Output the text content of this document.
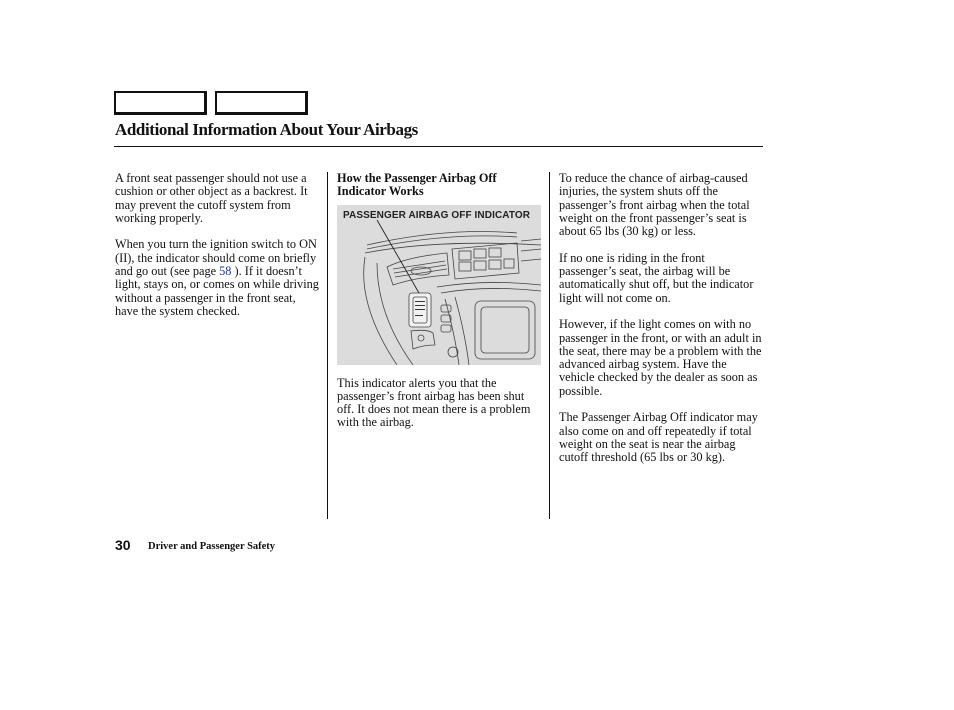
Additional Information About Your Airbags

A front seat passenger should not use a cushion or other object as a backrest. It may prevent the cutoff system from working properly.

When you turn the ignition switch to ON (II), the indicator should come on briefly and go out (see page 58 ). If it doesn’t light, stays on, or comes on while driving without a passenger in the front seat, have the system checked.

How the Passenger Airbag Off Indicator Works

PASSENGER AIRBAG OFF INDICATOR

This indicator alerts you that the passenger’s front airbag has been shut off. It does not mean there is a problem with the airbag.

To reduce the chance of airbag-caused injuries, the system shuts off the passenger’s front airbag when the total weight on the front passenger’s seat is about 65 lbs (30 kg) or less.

If no one is riding in the front passenger’s seat, the airbag will be automatically shut off, but the indicator light will not come on.

However, if the light comes on with no passenger in the front, or with an adult in the seat, there may be a problem with the advanced airbag system. Have the vehicle checked by the dealer as soon as possible.

The Passenger Airbag Off indicator may also come on and off repeatedly if total weight on the seat is near the airbag cutoff threshold (65 lbs or 30 kg).

30 Driver and Passenger Safety
